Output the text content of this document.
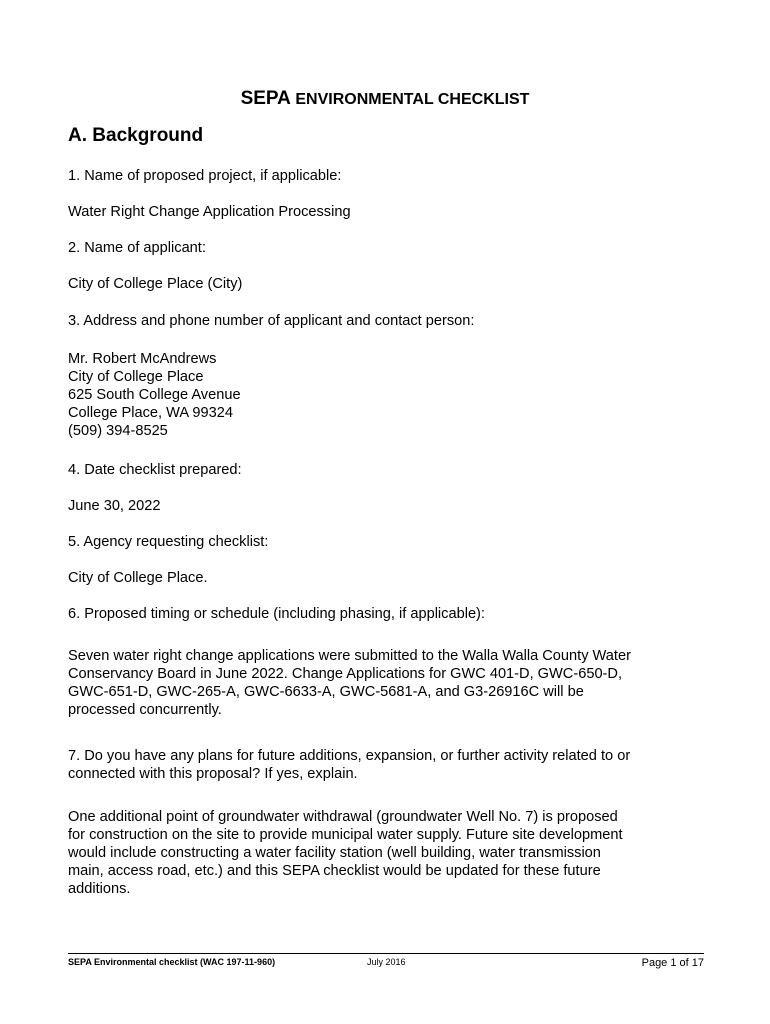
SEPA ENVIRONMENTAL CHECKLIST
A. Background
1. Name of proposed project, if applicable:
Water Right Change Application Processing
2. Name of applicant:
City of College Place (City)
3. Address and phone number of applicant and contact person:
Mr. Robert McAndrews
City of College Place
625 South College Avenue
College Place, WA 99324
(509) 394-8525
4. Date checklist prepared:
June 30, 2022
5. Agency requesting checklist:
City of College Place.
6. Proposed timing or schedule (including phasing, if applicable):
Seven water right change applications were submitted to the Walla Walla County Water
Conservancy Board in June 2022. Change Applications for GWC 401-D, GWC-650-D,
GWC-651-D, GWC-265-A, GWC-6633-A, GWC-5681-A, and G3-26916C will be
processed concurrently.
7. Do you have any plans for future additions, expansion, or further activity related to or
connected with this proposal? If yes, explain.
One additional point of groundwater withdrawal (groundwater Well No. 7) is proposed
for construction on the site to provide municipal water supply. Future site development
would include constructing a water facility station (well building, water transmission
main, access road, etc.) and this SEPA checklist would be updated for these future
additions.
SEPA Environmental checklist (WAC 197-11-960)	July 2016	Page 1 of 17
